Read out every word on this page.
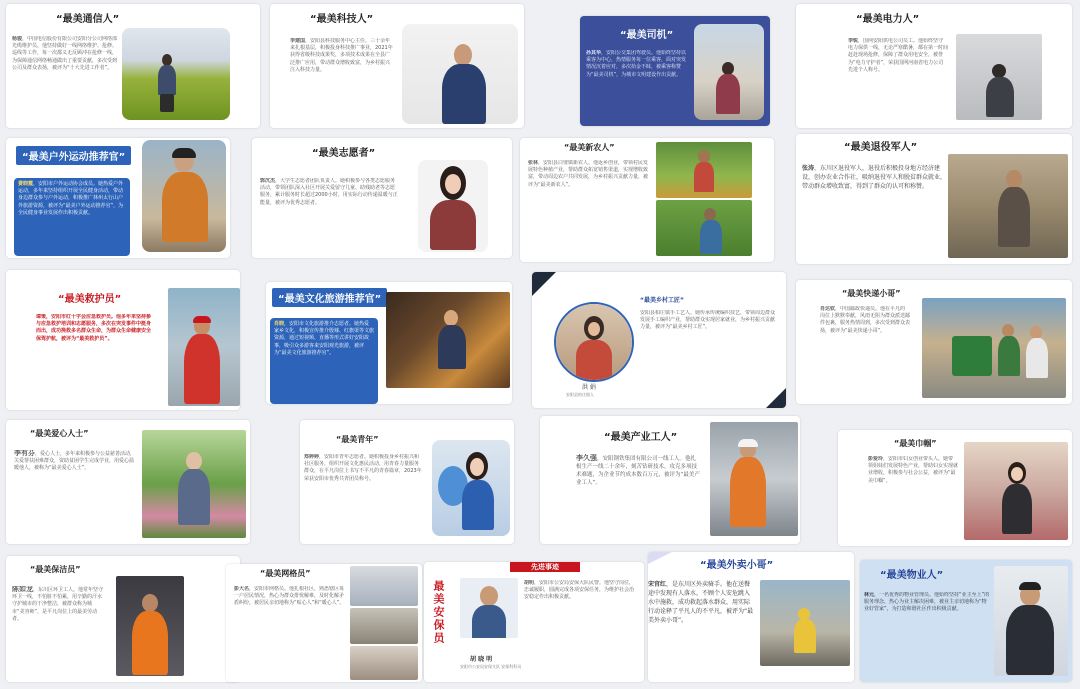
“最美通信人”
杨骏，中国电信股份有限公司安阳分公司网络部光缆维护员。他坚持做好一线网络维护、抢修、巡线等工作，每一次都义无反顾冲在抢修一线，为保障通信网络畅通做出了重要贡献，多次受到公司及群众表扬，被评为“十大先进工作者”。
“最美科技人”
李建国，安阳县科技服务中心主任。三十余年来扎根基层，积极投身科技推广事业，2021年获得省级科技成果奖，多项技术成果在全县广泛推广应用，带动群众增收致富，为乡村振兴注入科技力量。
“最美司机”
孙其华，安阳公交集团驾驶员。他始终坚持以乘客为中心，热情服务每一位乘客，面对突发情况沉着应对，多次拾金不昧，被乘客称赞为“最美司机”，为城市文明建设作出贡献。
“最美电力人”
李锐，国网安阳供电公司员工。他始终坚守电力保供一线，无论严寒酷暑，都在第一时间赶赴现场抢修，保障了群众用电安全，被誉为“电力守护者”，荣获国网河南省电力公司先进个人称号。
“最美户外运动推荐官”
费晓霞，安阳市户外运动协会成员。她热爱户外运动，多年来坚持组织开展全民健身活动，带动身边群众参与户外运动，积极推广林州太行山户外旅游资源，被评为“最美户外运动推荐官”，为全民健身事业发展作出积极贡献。
“最美志愿者”
郭沉杰，大学生志愿者团队负责人。她积极参与各类志愿服务活动，带领团队深入社区开展关爱留守儿童、助残助老等志愿服务，累计服务时长超过2000小时，用实际行动传递温暖与正能量，被评为优秀志愿者。
“最美新农人”
张林，安阳县白璧镇新农人。他返乡创业，带领村民发展特色种植产业，帮助群众拓宽销售渠道，实现增收致富，带动周边农户共同发展，为乡村振兴贡献力量，被评为“最美新农人”。
“最美退役军人”
张涛，东川区退役军人，退役后积极投身地方经济建设，创办农业合作社，吸纳退役军人和脱贫群众就业，带动群众增收致富，得到了群众的认可和称赞。
“最美救护员”
谭策，安阳市红十字会应急救护员。他多年来坚持参与应急救护培训和志愿服务，多次在突发事件中挺身而出，成功挽救多名群众生命，为群众生命健康安全保驾护航，被评为“最美救护员”。
“最美文化旅游推荐官”
肖晓，安阳市文化旅游推介志愿者。她热爱家乡文化，积极宣传推介殷墟、红旗渠等文旅资源，通过短视频、直播等形式讲好安阳故事，吸引众多游客来安阳观光旅游，被评为“最美文化旅游推荐官”。
“最美乡村工匠”
洪 娟
安阳县柏庄镇人
安阳县柏庄镇手工艺人。她传承传统编织技艺，带领周边群众发展手工编织产业，帮助群众实现居家就业，为乡村振兴贡献力量，被评为“最美乡村工匠”。
“最美快递小哥”
肖达钦，中国邮政快递员。他在平凡的岗位上默默奉献，风雨无阻为群众派送邮件包裹，服务热情周到，多次受到群众表扬，被评为“最美快递小哥”。
“最美爱心人士”
李有芬，爱心人士，多年来积极参与公益慈善活动，关爱帮扶困难群众，资助贫困学生完成学业，用爱心温暖他人，被称为“最美爱心人士”。
“最美青年”
郑婷婷，安阳市青年志愿者。她积极投身乡村振兴和社区服务，组织开展文化惠民活动，用青春力量服务群众，在平凡岗位上书写不平凡的青春篇章，2023年荣获安阳市优秀共青团员称号。
“最美产业工人”
李久强，安阳钢铁集团有限公司一线工人。他扎根生产一线二十余年，刻苦钻研技术，攻克多项技术难题，为企业节约成本数百万元，被评为“最美产业工人”。
“最美巾帼”
彭爱玲，安阳市妇女创业带头人。她带领姐妹们发展特色产业，帮助妇女实现就业增收，积极参与社会公益，被评为“最美巾帼”。
“最美保洁员”
陈如龙，东川区环卫工人。他常年坚守环卫一线，不怕脏不怕累，用辛勤的汗水守护城市的干净整洁，被群众称为城市“美容师”，是平凡岗位上的最美劳动者。
“最美网格员”
彭大名，安阳市网格员。他扎根社区，熟悉辖区每一户居民情况，热心为群众排忧解难，及时化解矛盾纠纷，被居民亲切地称为“贴心人”和“暖心人”。
先进事迹
最美安保员
胡 晓 明
安阳市公安局安保支队 安保科科员
胡明，安阳市公安局安保大队民警。他坚守岗位，忠诚履职，圆满完成各项安保任务，为维护社会治安稳定作出积极贡献。
“最美外卖小哥”
宋官红，是东川区外卖骑手。他在送餐途中发现有人落水，不顾个人安危跳入水中施救，成功救起落水群众，用实际行动诠释了平凡人的不平凡，被评为“最美外卖小哥”。
“最美物业人”
林元，一名优秀的物业管理员。他始终坚持“业主至上”的服务理念，热心为业主解决困难，被业主亲切地称为“物业好管家”，为打造和谐社区作出积极贡献。
